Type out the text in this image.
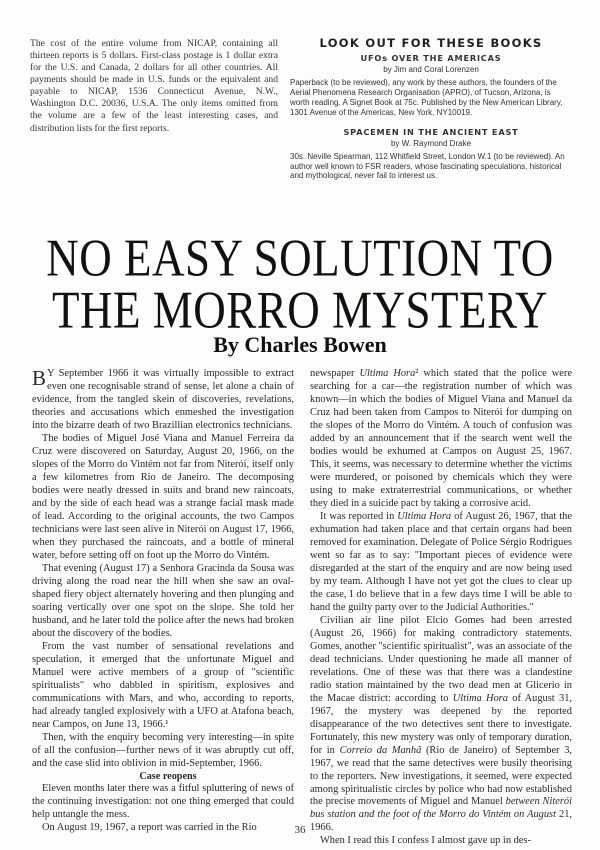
The cost of the entire volume from NICAP, containing all thirteen reports is 5 dollars. First-class postage is 1 dollar extra for the U.S. and Canada, 2 dollars for all other countries. All payments should be made in U.S. funds or the equivalent and payable to NICAP, 1536 Connecticut Avenue, N.W., Washington D.C. 20036, U.S.A. The only items omitted from the volume are a few of the least interesting cases, and distribution lists for the first reports.
LOOK OUT FOR THESE BOOKS
UFOs OVER THE AMERICAS
by Jim and Coral Lorenzen
Paperback (to be reviewed), any work by these authors, the founders of the Aerial Phenomena Research Organisation (APRO), of Tucson, Arizona, is worth reading. A Signet Book at 75c. Published by the New American Library, 1301 Avenue of the Americas, New York, NY10019.
SPACEMEN IN THE ANCIENT EAST
by W. Raymond Drake
30s. Neville Spearman, 112 Whitfield Street, London W.1 (to be reviewed). An author well known to FSR readers, whose fascinating speculations, historical and mythological, never fail to interest us.
NO EASY SOLUTION TO THE MORRO MYSTERY
By Charles Bowen

B Y September 1966 it was virtually impossible to extract even one recognisable strand of sense, let alone a chain of evidence, from the tangled skein of discoveries, revelations, theories and accusations which enmeshed the investigation into the bizarre death of two Brazillian electronics technicians.

The bodies of Miguel José Viana and Manuel Ferreira da Cruz were discovered on Saturday, August 20, 1966, on the slopes of the Morro do Vintém not far from Niterói, itself only a few kilometres from Rio de Janeiro. The decomposing bodies were neatly dressed in suits and brand new raincoats, and by the side of each head was a strange facial mask made of lead. According to the original accounts, the two Campos technicians were last seen alive in Niterói on August 17, 1966, when they purchased the raincoats, and a bottle of mineral water, before setting off on foot up the Morro do Vintém.

That evening (August 17) a Senhora Gracinda da Sousa was driving along the road near the hill when she saw an oval-shaped fiery object alternately hovering and then plunging and soaring vertically over one spot on the slope. She told her husband, and he later told the police after the news had broken about the discovery of the bodies.

From the vast number of sensational revelations and speculation, it emerged that the unfortunate Miguel and Manuel were active members of a group of "scientific spiritualists" who dabbled in spiritism, explosives and communications with Mars, and who, according to reports, had already tangled explosively with a UFO at Atafona beach, near Campos, on June 13, 1966.¹

Then, with the enquiry becoming very interesting—in spite of all the confusion—further news of it was abruptly cut off, and the case slid into oblivion in mid-September, 1966.

Case reopens

Eleven months later there was a fitful spluttering of news of the continuing investigation: not one thing emerged that could help untangle the mess.

On August 19, 1967, a report was carried in the Rio

newspaper Ultima Hora² which stated that the police were searching for a car—the registration number of which was known—in which the bodies of Miguel Viana and Manuel da Cruz had been taken from Campos to Niterói for dumping on the slopes of the Morro do Vintém. A touch of confusion was added by an announcement that if the search went well the bodies would be exhumed at Campos on August 25, 1967. This, it seems, was necessary to determine whether the victims were murdered, or poisoned by chemicals which they were using to make extraterrestrial communications, or whether they died in a suicide pact by taking a corrosive acid.

It was reported in Ultima Hora of August 26, 1967, that the exhumation had taken place and that certain organs had been removed for examination. Delegate of Police Sérgio Rodrigues went so far as to say: "Important pieces of evidence were disregarded at the start of the enquiry and are now being used by my team. Although I have not yet got the clues to clear up the case, I do believe that in a few days time I will be able to hand the guilty party over to the Judicial Authorities."

Civilian air line pilot Elcio Gomes had been arrested (August 26, 1966) for making contradictory statements. Gomes, another "scientific spiritualist", was an associate of the dead technicians. Under questioning he made all manner of revelations. One of these was that there was a clandestine radio station maintained by the two dead men at Glicerio in the Macae district: according to Ultima Hora of August 31, 1967, the mystery was deepened by the reported disappearance of the two detectives sent there to investigate. Fortunately, this new mystery was only of temporary duration, for in Correio da Manhã (Rio de Janeiro) of September 3, 1967, we read that the same detectives were busily theorising to the reporters. New investigations, it seemed, were expected among spiritualistic circles by police who had now established the precise movements of Miguel and Manuel between Niterói bus station and the foot of the Morro do Vintém on August 21, 1966.

When I read this I confess I almost gave up in des-

36
